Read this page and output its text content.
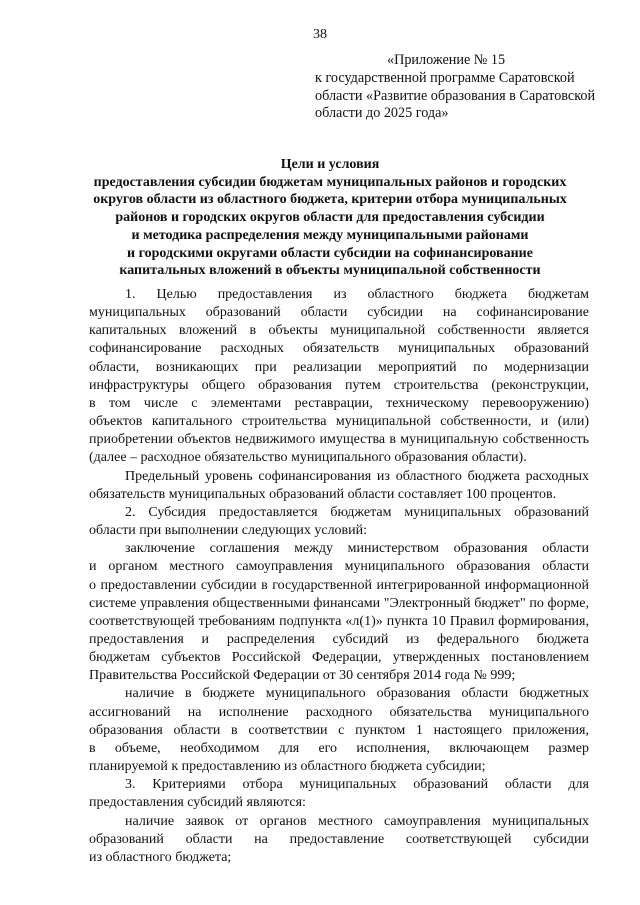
38
«Приложение № 15
к государственной программе Саратовской
области «Развитие образования в Саратовской
области до 2025 года»
Цели и условия
предоставления субсидии бюджетам муниципальных районов и городских
округов области из областного бюджета, критерии отбора муниципальных
районов и городских округов области для предоставления субсидии
и методика распределения между муниципальными районами
и городскими округами области субсидии на софинансирование
капитальных вложений в объекты муниципальной собственности

1. Целью предоставления из областного бюджета бюджетам

муниципальных образований области субсидии на софинансирование

капитальных вложений в объекты муниципальной собственности является

софинансирование расходных обязательств муниципальных образований

области, возникающих при реализации мероприятий по модернизации

инфраструктуры общего образования путем строительства (реконструкции,

в том числе с элементами реставрации, техническому перевооружению)

объектов капитального строительства муниципальной собственности, и (или)

приобретении объектов недвижимого имущества в муниципальную собственность

(далее – расходное обязательство муниципального образования области).

Предельный уровень софинансирования из областного бюджета расходных

обязательств муниципальных образований области составляет 100 процентов.

2. Субсидия предоставляется бюджетам муниципальных образований

области при выполнении следующих условий:

заключение соглашения между министерством образования области

и органом местного самоуправления муниципального образования области

о предоставлении субсидии в государственной интегрированной информационной

системе управления общественными финансами "Электронный бюджет" по форме,

соответствующей требованиям подпункта «л(1)» пункта 10 Правил формирования,

предоставления и распределения субсидий из федерального бюджета

бюджетам субъектов Российской Федерации, утвержденных постановлением

Правительства Российской Федерации от 30 сентября 2014 года № 999;

наличие в бюджете муниципального образования области бюджетных

ассигнований на исполнение расходного обязательства муниципального

образования области в соответствии с пунктом 1 настоящего приложения,

в объеме, необходимом для его исполнения, включающем размер

планируемой к предоставлению из областного бюджета субсидии;

3. Критериями отбора муниципальных образований области для

предоставления субсидий являются:

наличие заявок от органов местного самоуправления муниципальных

образований области на предоставление соответствующей субсидии

из областного бюджета;
